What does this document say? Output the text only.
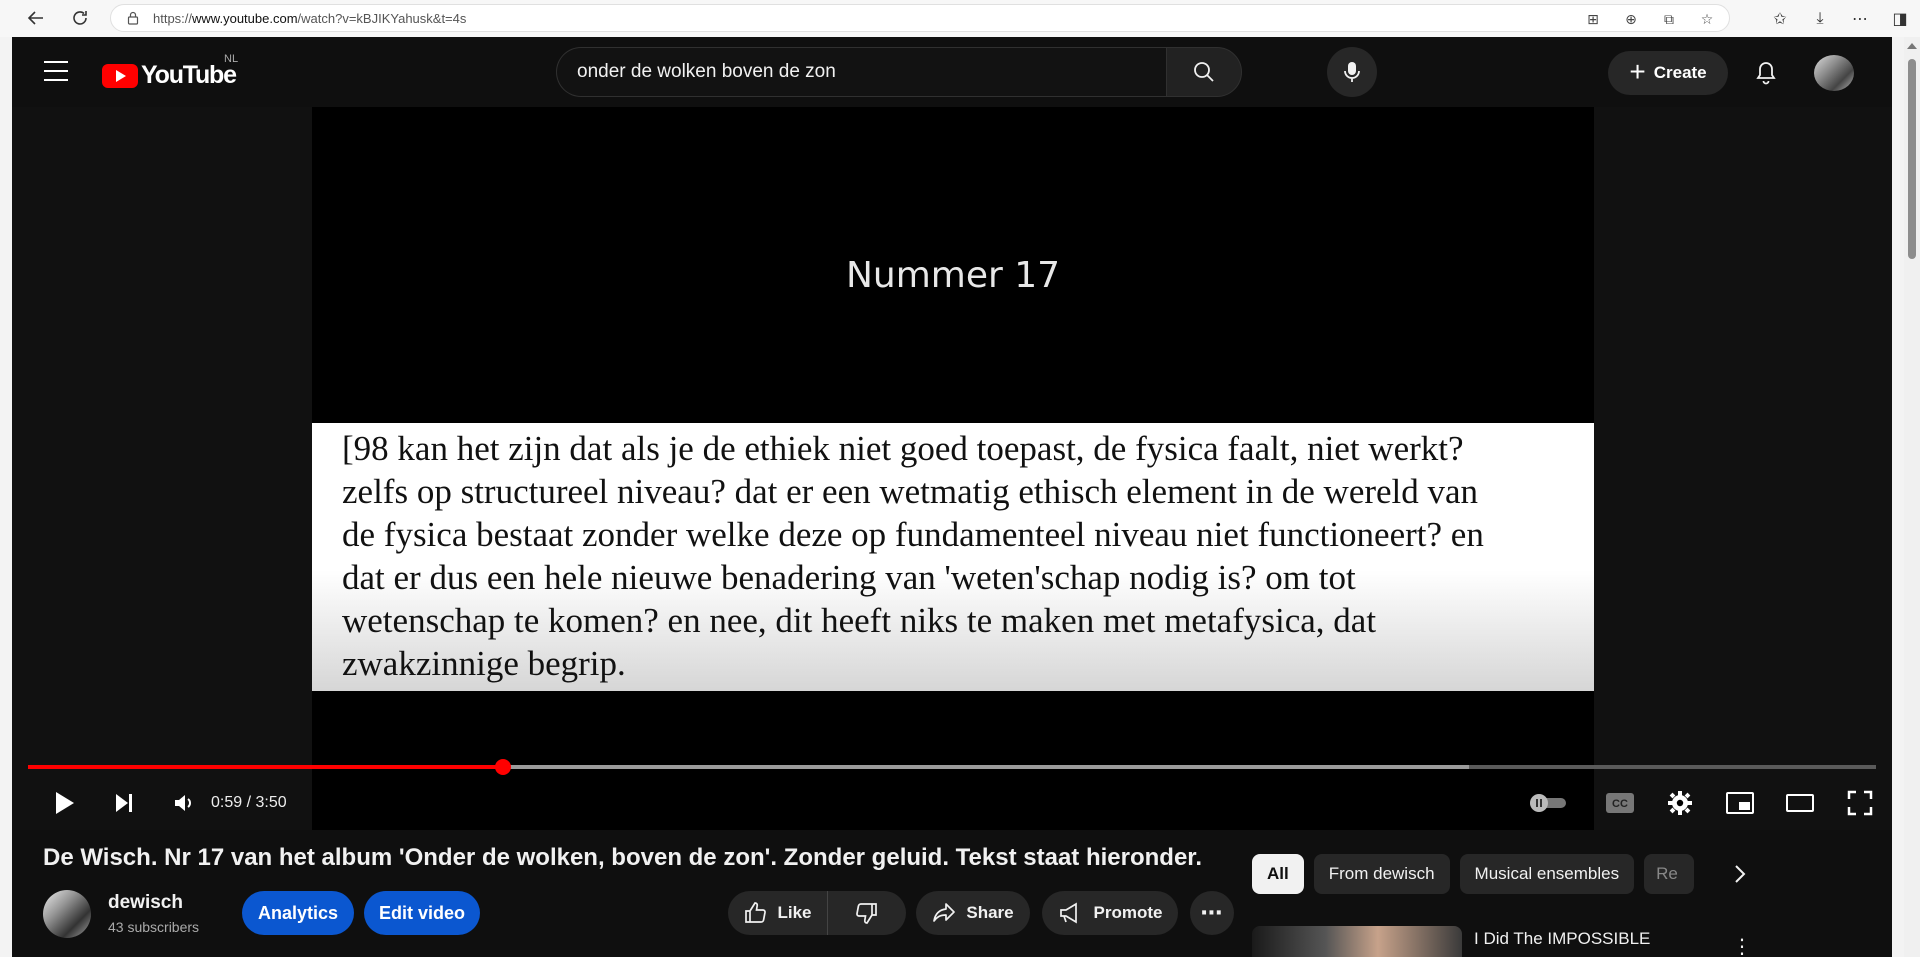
https://www.youtube.com/watch?v=kBJIKYahusk&t=4s	⊞	⊕	⧉	☆	✩	⤓	⋯	◨
YouTube
NL
onder de wolken boven de zon	+ Create
Nummer 17
[98 kan het zijn dat als je de ethiek niet goed toepast, de fysica faalt, niet werkt?
zelfs op structureel niveau? dat er een wetmatig ethisch element in de wereld van
de fysica bestaat zonder welke deze op fundamenteel niveau niet functioneert? en
dat er dus een hele nieuwe benadering van 'weten'schap nodig is? om tot
wetenschap te komen? en nee, dit heeft niks te maken met metafysica, dat
zwakzinnige begrip.
0:59 / 3:50	CC
De Wisch. Nr 17 van het album 'Onder de wolken, boven de zon'. Zonder geluid. Tekst staat hieronder.
dewisch
43 subscribers
Analytics	Edit video	Like	Share	Promote ⋯
All	From dewisch	Musical ensembles	Re
I Did The IMPOSSIBLE	⋮
